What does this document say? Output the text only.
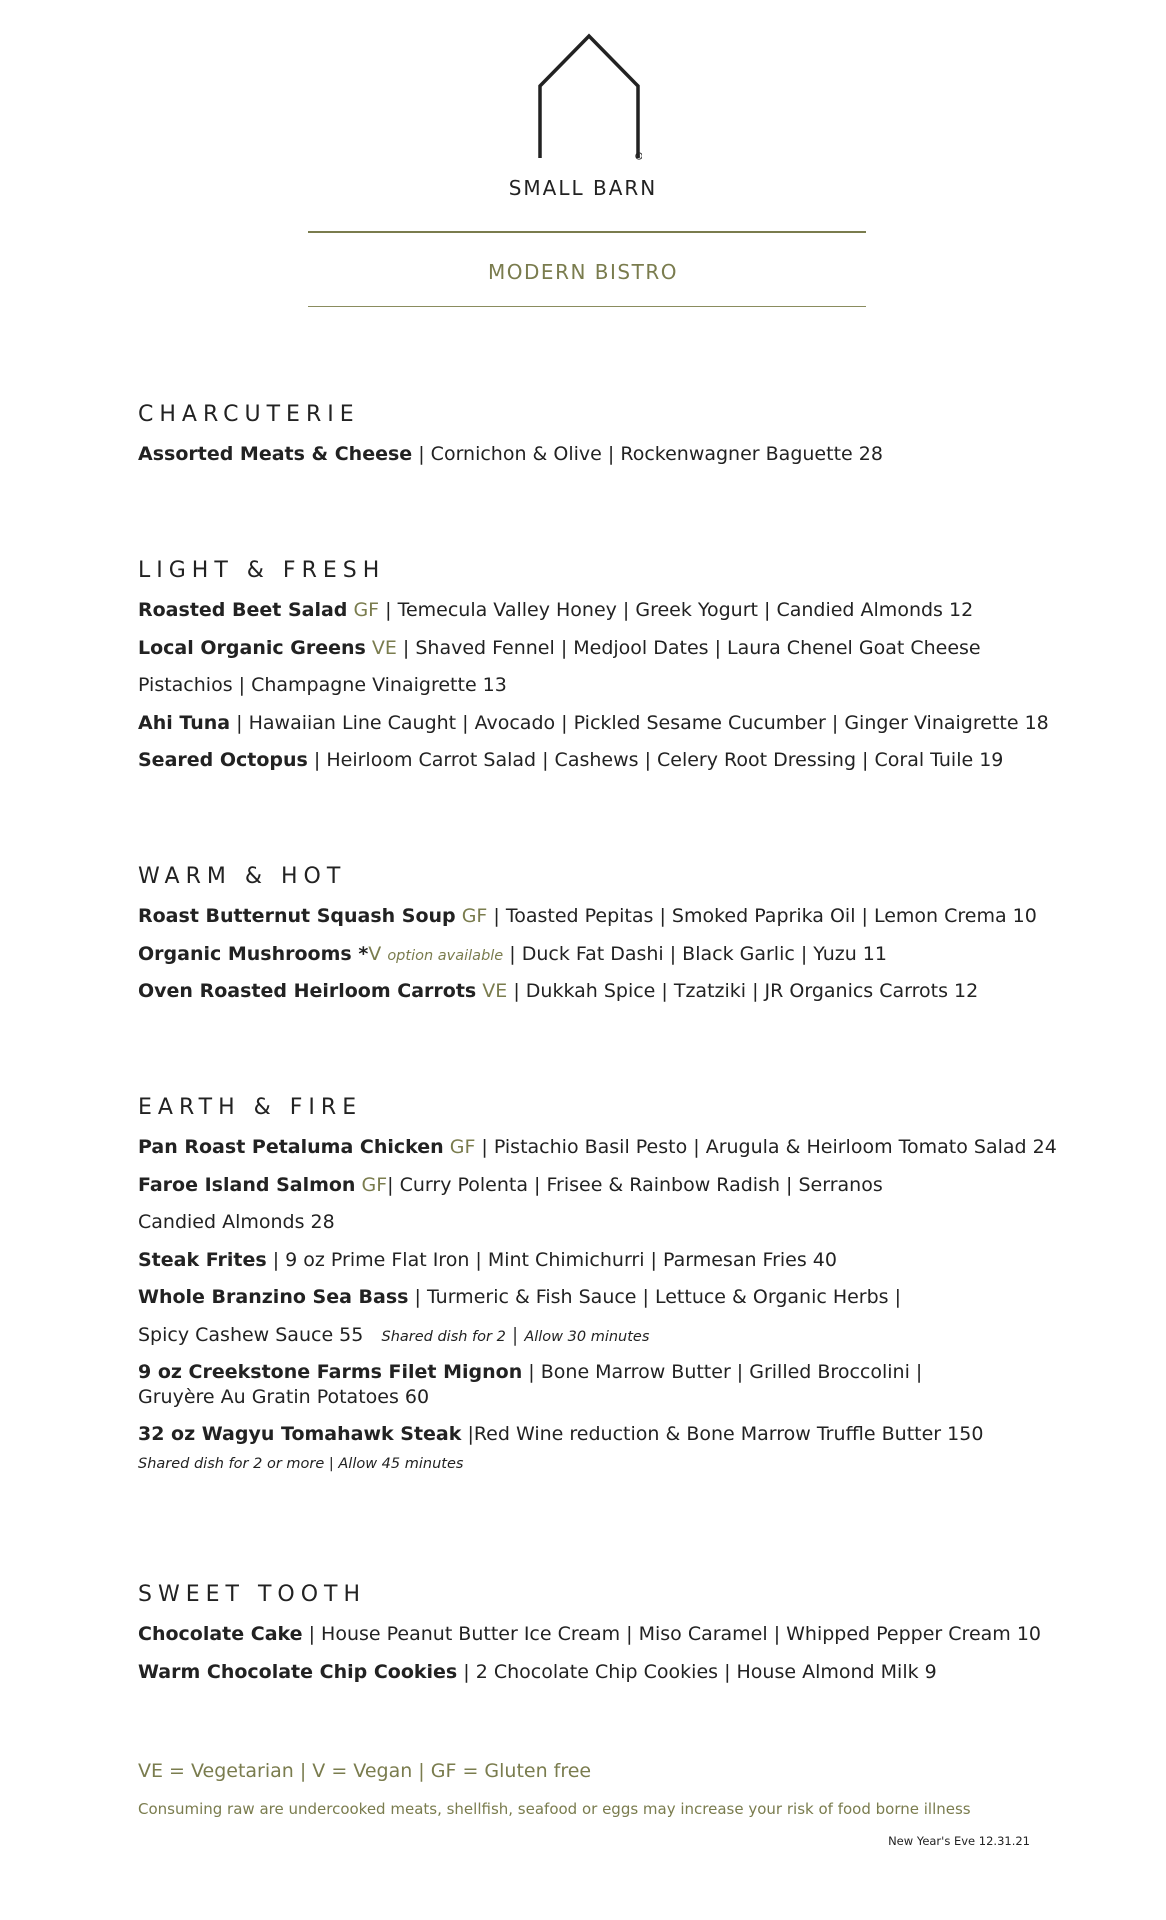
R
SMALL BARN
MODERN BISTRO
CHARCUTERIE
Assorted Meats & Cheese | Cornichon & Olive | Rockenwagner Baguette 28
LIGHT & FRESH
Roasted Beet Salad GF | Temecula Valley Honey | Greek Yogurt | Candied Almonds 12
Local Organic Greens VE | Shaved Fennel | Medjool Dates | Laura Chenel Goat Cheese
Pistachios | Champagne Vinaigrette 13
Ahi Tuna | Hawaiian Line Caught | Avocado | Pickled Sesame Cucumber | Ginger Vinaigrette 18
Seared Octopus | Heirloom Carrot Salad | Cashews | Celery Root Dressing | Coral Tuile 19
WARM & HOT
Roast Butternut Squash Soup GF | Toasted Pepitas | Smoked Paprika Oil | Lemon Crema 10
Organic Mushrooms *V option available | Duck Fat Dashi | Black Garlic | Yuzu 11
Oven Roasted Heirloom Carrots VE | Dukkah Spice | Tzatziki | JR Organics Carrots 12
EARTH & FIRE
Pan Roast Petaluma Chicken GF | Pistachio Basil Pesto | Arugula & Heirloom Tomato Salad 24
Faroe Island Salmon GF| Curry Polenta | Frisee & Rainbow Radish | Serranos
Candied Almonds 28
Steak Frites | 9 oz Prime Flat Iron | Mint Chimichurri | Parmesan Fries 40
Whole Branzino Sea Bass | Turmeric & Fish Sauce | Lettuce & Organic Herbs |
Spicy Cashew Sauce 55 Shared dish for 2 | Allow 30 minutes
9 oz Creekstone Farms Filet Mignon | Bone Marrow Butter | Grilled Broccolini | Gruyère Au Gratin Potatoes 60
32 oz Wagyu Tomahawk Steak |Red Wine reduction & Bone Marrow Truffle Butter 150
Shared dish for 2 or more | Allow 45 minutes
SWEET TOOTH
Chocolate Cake | House Peanut Butter Ice Cream | Miso Caramel | Whipped Pepper Cream 10
Warm Chocolate Chip Cookies | 2 Chocolate Chip Cookies | House Almond Milk 9
VE = Vegetarian | V = Vegan | GF = Gluten free
Consuming raw are undercooked meats, shellfish, seafood or eggs may increase your risk of food borne illness
New Year's Eve 12.31.21
